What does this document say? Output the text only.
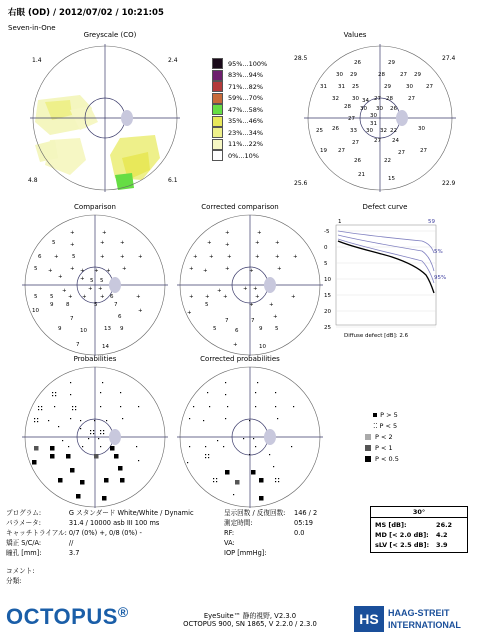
右眼 (OD) / 2012/07/02 / 10:21:05
Seven-in-One
Greyscale (CO)	Values
Comparison	Corrected comparison	Defect curve
Probabilities	Corrected probabilities
1.4	2.4
4.8	6.1
95%...100%
83%...94%
71%...82%
59%...70%
47%...58%
35%...46%
23%...34%
11%...22%
0%...10%
28.5	27.4
25.6	22.9
26	29
30 29	28	27 29
31 31 25	29	30 27
32 30 34 27 28	27
28 30 30 26
27	30
31
25 26 33 30 32 22	30
19 27
27	27 24
27
26	22
27
21
15
+	+
5	+	+	+
6 + 5	+	+ +
5 +	+ + + + +
+	+ 5 5
+	+ +
5 5	+ + + 6	+
9 8	5	7
10
7	6
+
9	10	13 9
7	14
+	+
+ +	+	+
+ + +	+	+ +
+ +	+	+	+
+	+ +
+ + +	+	+
5	+	+
+
7	7
+
5	6	9 5
+	10
-5
0
5
10
15
20
25
1	59
5%
95%
Diffuse defect [dB]: 2.6
P > 5
⁚⁚ P < 5
P < 2
P < 1
P < 0.5
プログラム:	G スタンダード White/White / Dynamic
パラメータ:	31.4 / 10000 asb III 100 ms
キャッチトライアル:	0/7 (0%) +, 0/8 (0%) -
矯正 S/C/A:	//
瞳孔 [mm]:	3.7
呈示回数 / 反復回数:	146 / 2
測定時間:	05:19
RF:	0.0
VA:	
IOP [mmHg]:	
30°
MS [dB]:	26.2
MD [< 2.0 dB]:	4.2
sLV [< 2.5 dB]:	3.9
コメント:
分類:
OCTOPUS®	EyeSuite™ 静的視野, V2.3.0
OCTOPUS 900, SN 1865, V 2.2.0 / 2.3.0	HS	HAAG-STREIT
INTERNATIONAL
